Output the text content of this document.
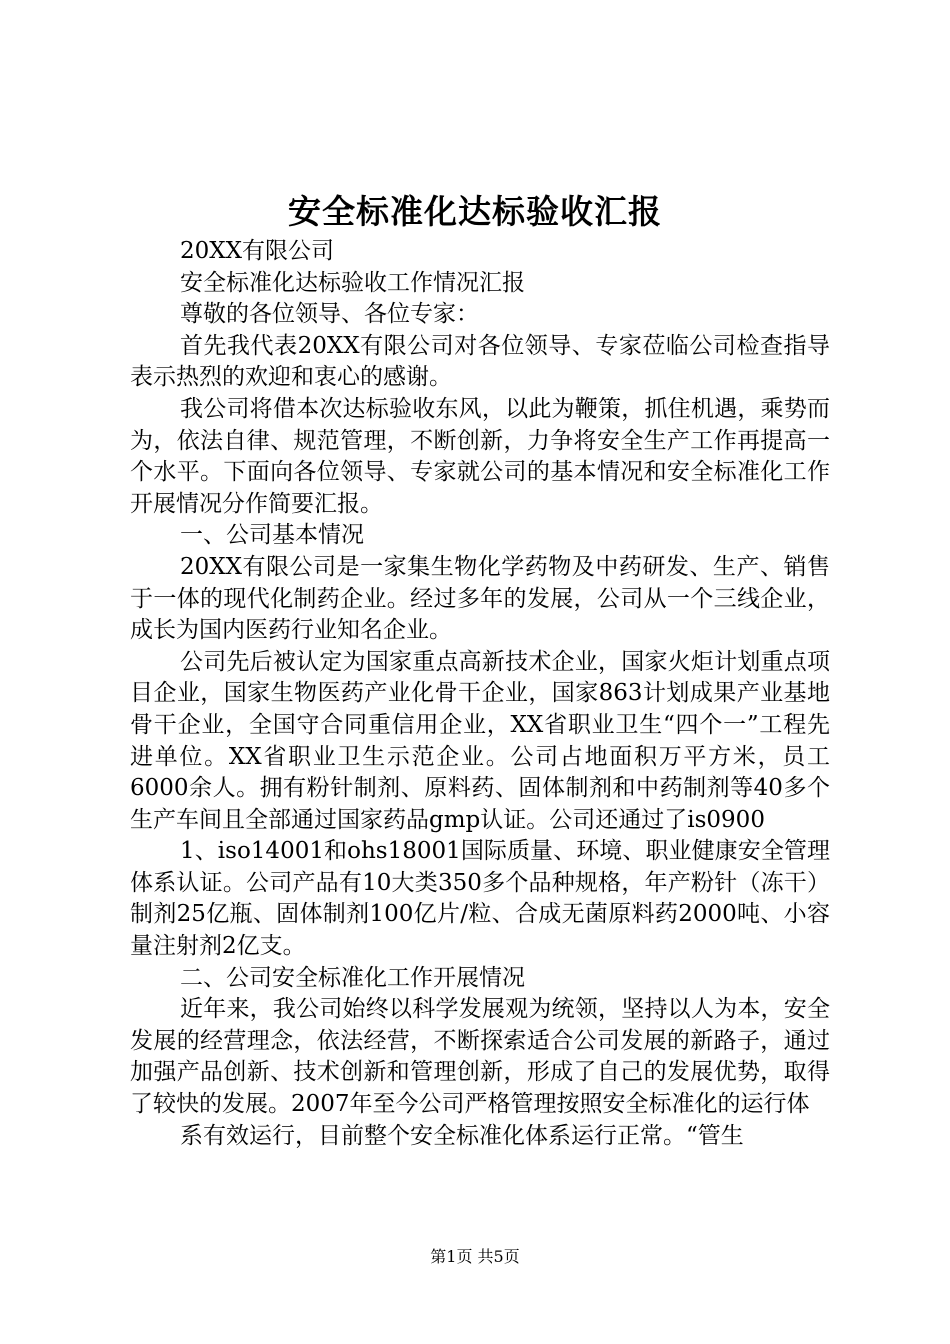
安全标准化达标验收汇报

20XX有限公司

安全标准化达标验收工作情况汇报

尊敬的各位领导、各位专家：

首先我代表20XX有限公司对各位领导、专家莅临公司检查指导表示热烈的欢迎和衷心的感谢。

我公司将借本次达标验收东风，以此为鞭策，抓住机遇，乘势而为，依法自律、规范管理，不断创新，力争将安全生产工作再提高一个水平。下面向各位领导、专家就公司的基本情况和安全标准化工作开展情况分作简要汇报。

一、公司基本情况

20XX有限公司是一家集生物化学药物及中药研发、生产、销售于一体的现代化制药企业。经过多年的发展，公司从一个三线企业，成长为国内医药行业知名企业。

公司先后被认定为国家重点高新技术企业，国家火炬计划重点项目企业，国家生物医药产业化骨干企业，国家863计划成果产业基地骨干企业，全国守合同重信用企业，XX省职业卫生“四个一”工程先进单位。XX省职业卫生示范企业。公司占地面积万平方米，员工6000余人。拥有粉针制剂、原料药、固体制剂和中药制剂等40多个生产车间且全部通过国家药品gmp认证。公司还通过了is0900

1、iso14001和ohs18001国际质量、环境、职业健康安全管理体系认证。公司产品有10大类350多个品种规格，年产粉针（冻干）制剂25亿瓶、固体制剂100亿片/粒、合成无菌原料药2000吨、小容量注射剂2亿支。

二、公司安全标准化工作开展情况

近年来，我公司始终以科学发展观为统领，坚持以人为本，安全发展的经营理念，依法经营，不断探索适合公司发展的新路子，通过加强产品创新、技术创新和管理创新，形成了自己的发展优势，取得了较快的发展。2007年至今公司严格管理按照安全标准化的运行体

系有效运行，目前整个安全标准化体系运行正常。“管生

第1页 共5页
